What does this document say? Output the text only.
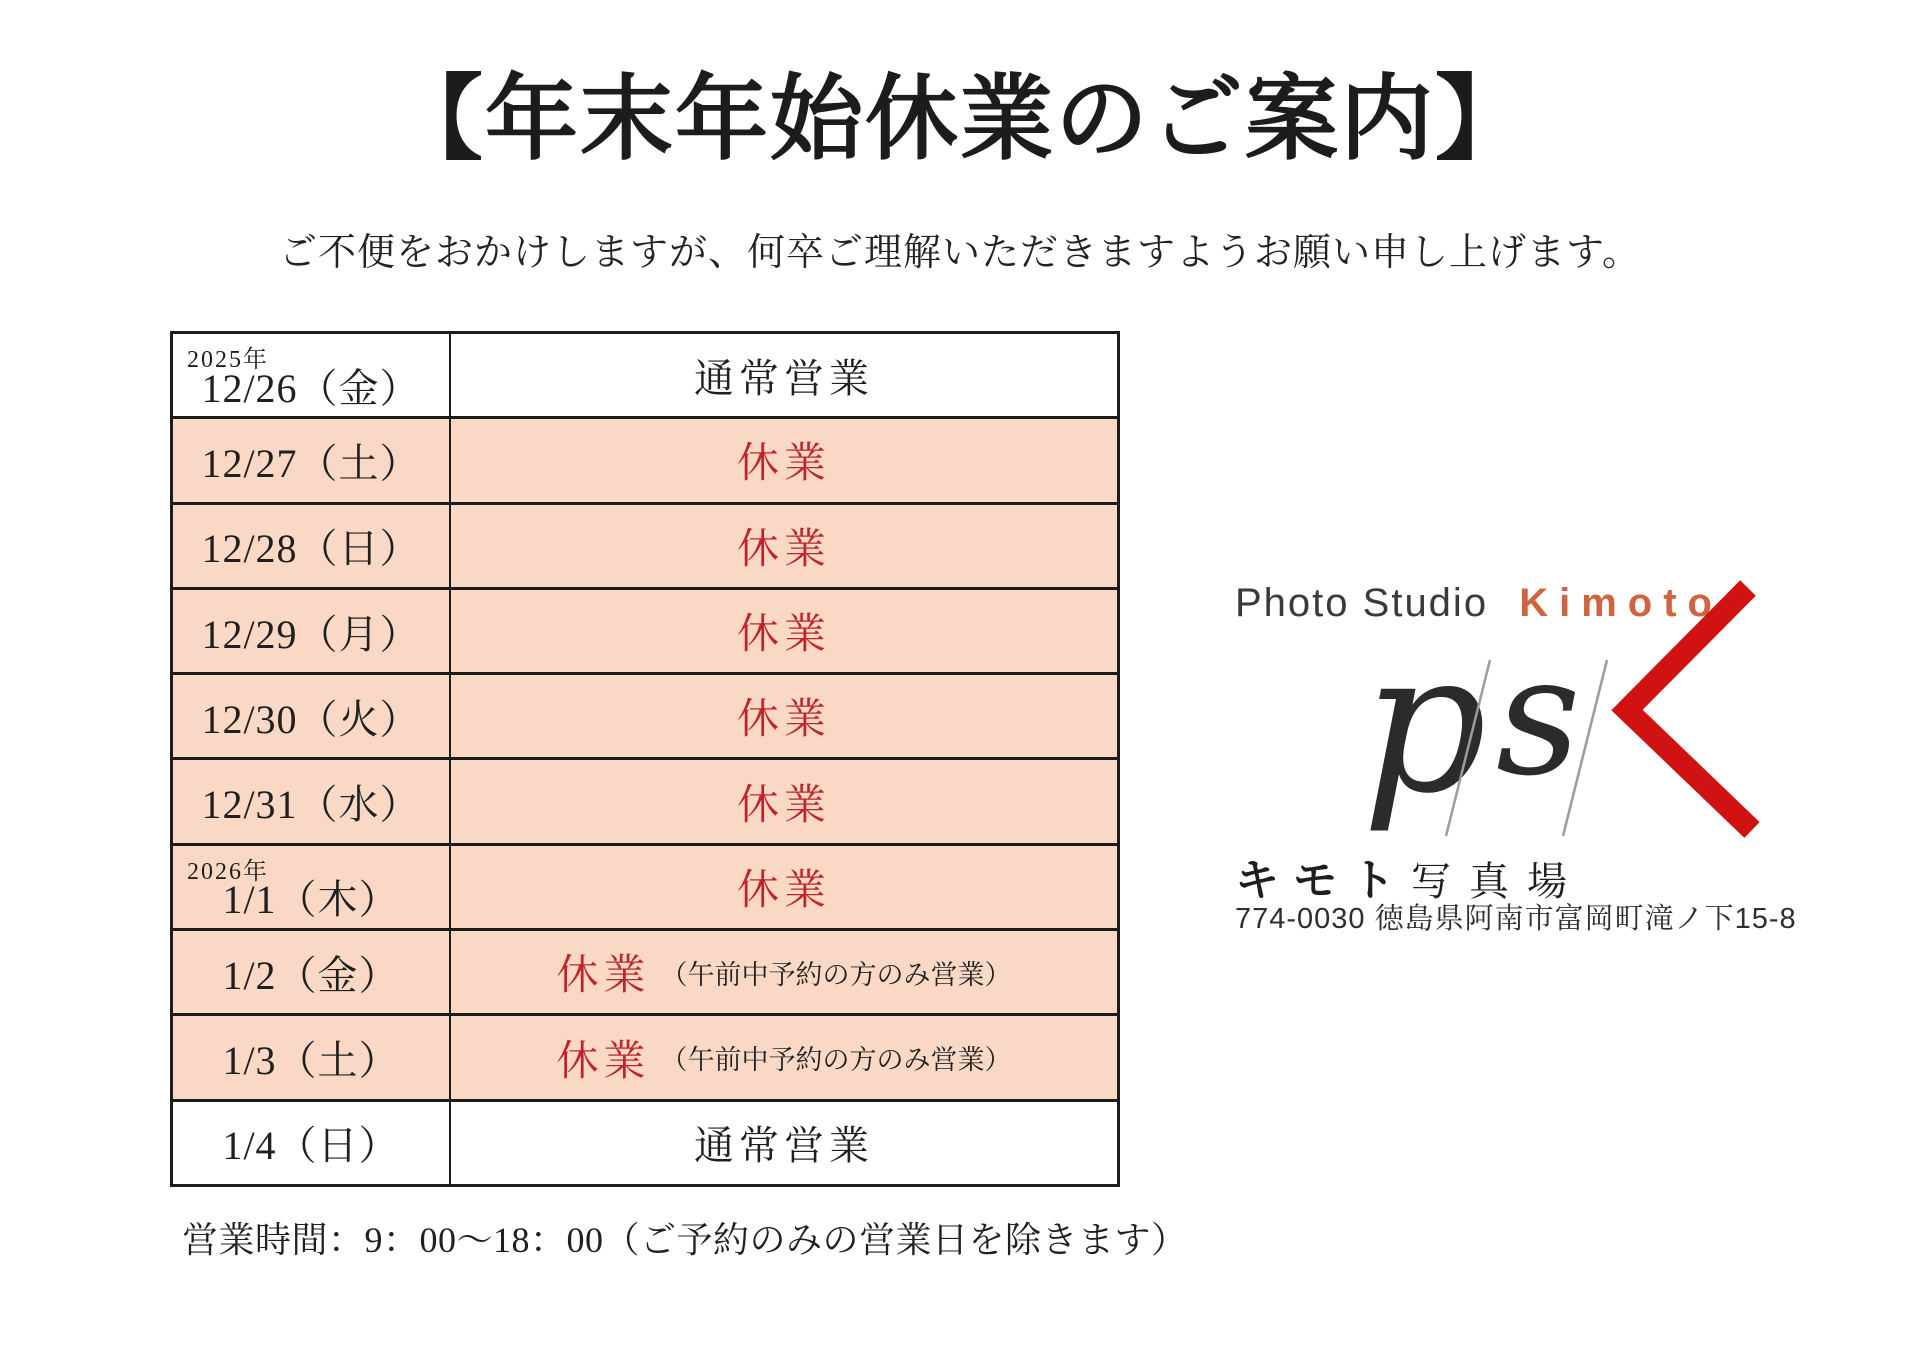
【年末年始休業のご案内】
ご不便をおかけしますが、何卒ご理解いただきますようお願い申し上げます。
2025年
12/26（金）	通常営業
12/27（土）	休業
12/28（日）	休業
12/29（月）	休業
12/30（火）	休業
12/31（水）	休業
2026年
1/1（木）	休業
1/2（金）	休業 （午前中予約の方のみ営業）
1/3（土）	休業 （午前中予約の方のみ営業）
1/4（日）	通常営業
営業時間：9：00〜18：00（ご予約のみの営業日を除きます）
Photo Studio Kimoto
p s
キモト写真場
774-0030 徳島県阿南市富岡町滝ノ下15-8
